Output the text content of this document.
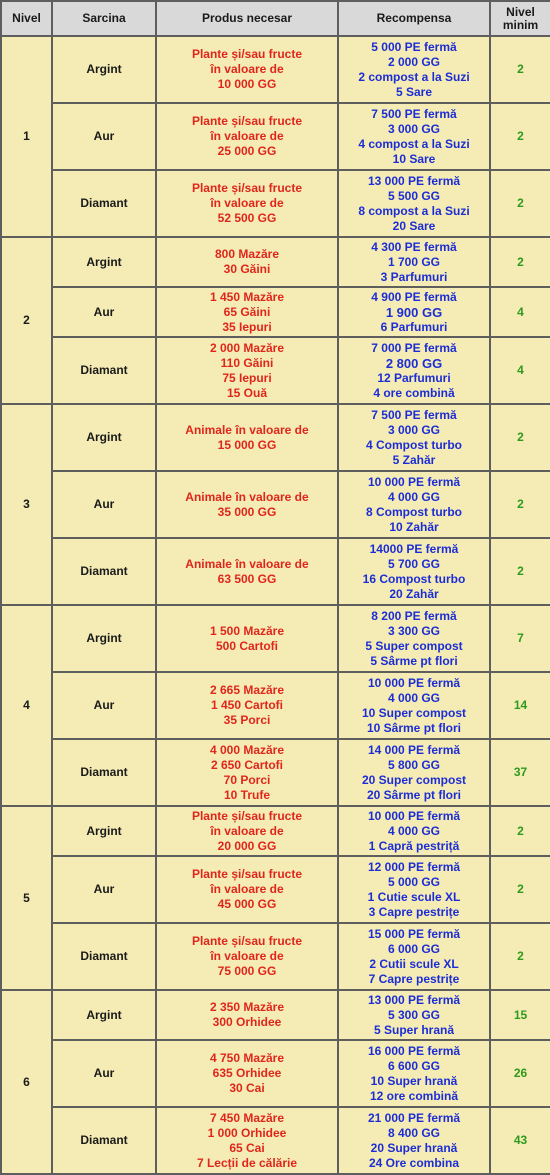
Nivel	Sarcina	Produs necesar	Recompensa	Nivel
minim

1	Argint	Plante și/sau fructe
în valoare de
10 000 GG	5 000 PE fermă
2 000 GG
2 compost a la Suzi
5 Sare	2
	Aur	Plante și/sau fructe
în valoare de
25 000 GG	7 500 PE fermă
3 000 GG
4 compost a la Suzi
10 Sare	2
	Diamant	Plante și/sau fructe
în valoare de
52 500 GG	13 000 PE fermă
5 500 GG
8 compost a la Suzi
20 Sare	2
2	Argint	800 Mazăre
30 Găini	4 300 PE fermă
1 700 GG
3 Parfumuri	2
	Aur	1 450 Mazăre
65 Găini
35 Iepuri	4 900 PE fermă
1 900 GG
6 Parfumuri	4
	Diamant	2 000 Mazăre
110 Găini
75 Iepuri
15 Ouă	7 000 PE fermă
2 800 GG
12 Parfumuri
4 ore combină	4
3	Argint	Animale în valoare de
15 000 GG	7 500 PE fermă
3 000 GG
4 Compost turbo
5 Zahăr	2
	Aur	Animale în valoare de
35 000 GG	10 000 PE fermă
4 000 GG
8 Compost turbo
10 Zahăr	2
	Diamant	Animale în valoare de
63 500 GG	14000 PE fermă
5 700 GG
16 Compost turbo
20 Zahăr	2
4	Argint	1 500 Mazăre
500 Cartofi	8 200 PE fermă
3 300 GG
5 Super compost
5 Sârme pt flori	7
	Aur	2 665 Mazăre
1 450 Cartofi
35 Porci	10 000 PE fermă
4 000 GG
10 Super compost
10 Sârme pt flori	14
	Diamant	4 000 Mazăre
2 650 Cartofi
70 Porci
10 Trufe	14 000 PE fermă
5 800 GG
20 Super compost
20 Sârme pt flori	37
5	Argint	Plante și/sau fructe
în valoare de
20 000 GG	10 000 PE fermă
4 000 GG
1 Capră pestriță	2
	Aur	Plante și/sau fructe
în valoare de
45 000 GG	12 000 PE fermă
5 000 GG
1 Cutie scule XL
3 Capre pestrițe	2
	Diamant	Plante și/sau fructe
în valoare de
75 000 GG	15 000 PE fermă
6 000 GG
2 Cutii scule XL
7 Capre pestrițe	2
6	Argint	2 350 Mazăre
300 Orhidee	13 000 PE fermă
5 300 GG
5 Super hrană	15
	Aur	4 750 Mazăre
635 Orhidee
30 Cai	16 000 PE fermă
6 600 GG
10 Super hrană
12 ore combină	26
	Diamant	7 450 Mazăre
1 000 Orhidee
65 Cai
7 Lecții de călărie	21 000 PE fermă
8 400 GG
20 Super hrană
24 Ore combina	43
